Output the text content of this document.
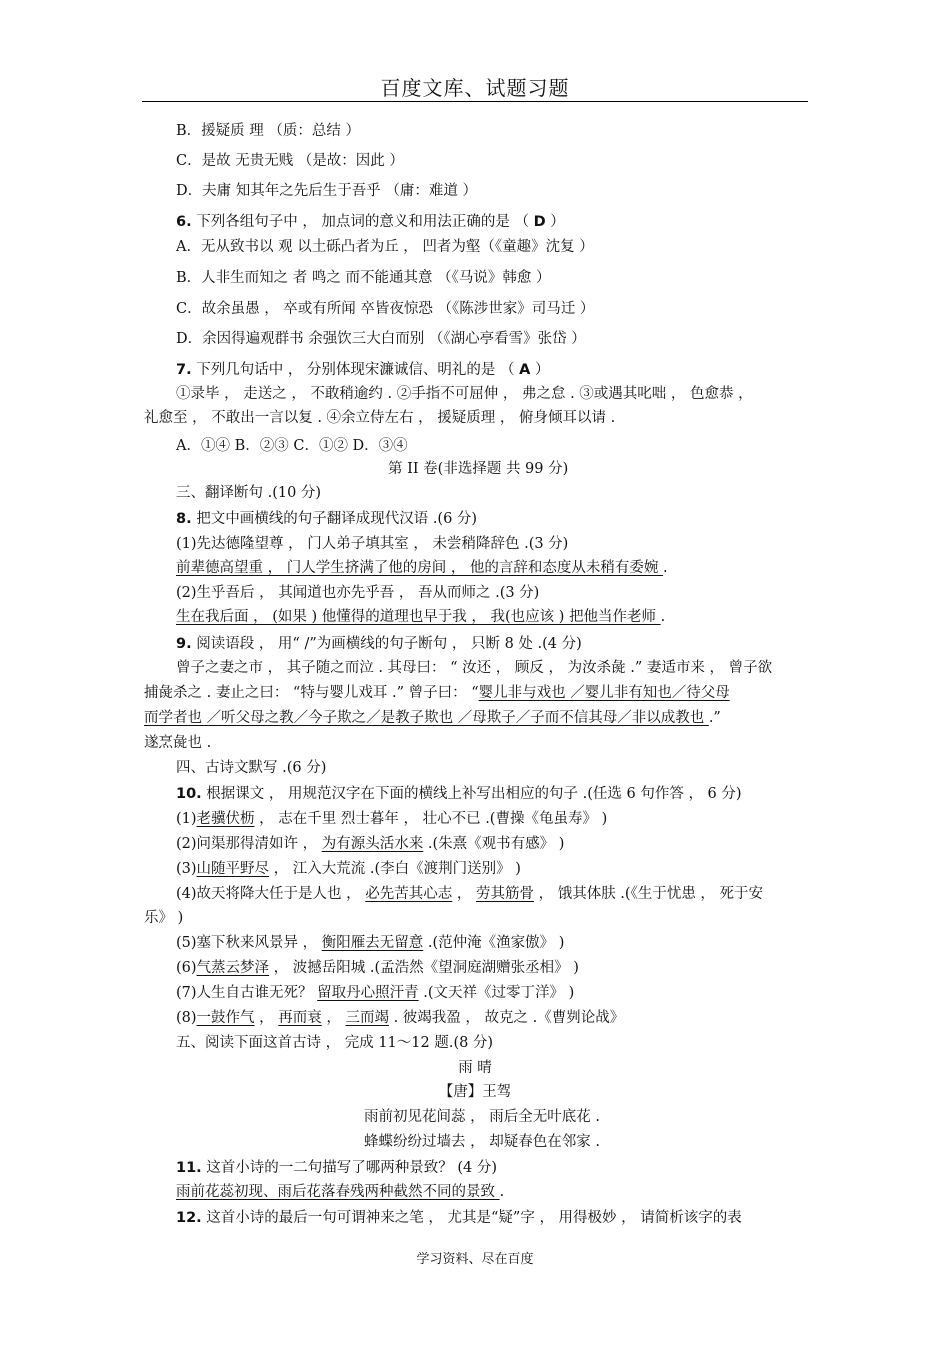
百度文库、试题习题
B．援疑质 理 （质：总结 ）
C．是故 无贵无贱 （是故：因此 ）
D．夫庸 知其年之先后生于吾乎 （庸：难道 ）
6. 下列各组句子中 ， 加点词的意义和用法正确的是 （ D ）
A．无从致书以 观 以土砾凸者为丘 ， 凹者为壑（《童趣》沈复 ）
B．人非生而知之 者 鸣之 而不能通其意 （《马说》韩愈 ）
C．故余虽愚 ， 卒或有所闻 卒皆夜惊恐 （《陈涉世家》司马迁 ）
D．余因得遍观群书 余强饮三大白而别 （《湖心亭看雪》张岱 ）
7. 下列几句话中 ， 分别体现宋濂诚信、明礼的是 （ A ）
①录毕 ， 走送之 ， 不敢稍逾约 . ②手指不可屈伸 ， 弗之怠 . ③或遇其叱咄 ， 色愈恭 ，
礼愈至 ， 不敢出一言以复 . ④余立侍左右 ， 援疑质理 ， 俯身倾耳以请 .
A．①④ B．②③ C．①② D．③④
第 II 卷(非选择题 共 99 分)
三、翻译断句 .(10 分)
8. 把文中画横线的句子翻译成现代汉语 .(6 分)
(1)先达德隆望尊 ， 门人弟子填其室 ， 未尝稍降辞色 .(3 分)
前辈德高望重 ， 门人学生挤满了他的房间 ， 他的言辞和态度从未稍有委婉 .
(2)生乎吾后 ， 其闻道也亦先乎吾 ， 吾从而师之 .(3 分)
生在我后面 ， (如果 ) 他懂得的道理也早于我 ， 我(也应该 ) 把他当作老师 .
9. 阅读语段 ， 用“ /”为画横线的句子断句 ， 只断 8 处 .(4 分)
曾子之妻之市 ， 其子随之而泣 . 其母曰： “ 汝还 ， 顾反 ， 为汝杀彘 .” 妻适市来 ， 曾子欲
捕彘杀之 . 妻止之曰： “特与婴儿戏耳 .” 曾子曰： “婴儿非与戏也 ／婴儿非有知也／待父母
而学者也 ／听父母之教／今子欺之／是教子欺也 ／母欺子／子而不信其母／非以成教也 .”
遂烹彘也 .
四、古诗文默写 .(6 分)
10. 根据课文 ， 用规范汉字在下面的横线上补写出相应的句子 .(任选 6 句作答 ， 6 分)
(1)老骥伏枥 ， 志在千里 烈士暮年 ， 壮心不已 .(曹操《龟虽寿》 )
(2)问渠那得清如许 ， 为有源头活水来 .(朱熹《观书有感》 )
(3)山随平野尽 ， 江入大荒流 .(李白《渡荆门送别》 )
(4)故天将降大任于是人也 ， 必先苦其心志 ， 劳其筋骨 ， 饿其体肤 .(《生于忧患 ， 死于安
乐》 )
(5)塞下秋来风景异 ， 衡阳雁去无留意 .(范仲淹《渔家傲》 )
(6)气蒸云梦泽 ， 波撼岳阳城 .(孟浩然《望洞庭湖赠张丞相》 )
(7)人生自古谁无死？ 留取丹心照汗青 .(文天祥《过零丁洋》 )
(8)一鼓作气 ， 再而衰 ， 三而竭 . 彼竭我盈 ， 故克之 .《曹刿论战》
五、阅读下面这首古诗 ， 完成 11～12 题.(8 分)
雨 晴
【唐】王驾
雨前初见花间蕊 ， 雨后全无叶底花 .
蜂蝶纷纷过墙去 ， 却疑春色在邻家 .
11. 这首小诗的一二句描写了哪两种景致？ (4 分)
雨前花蕊初现、雨后花落春残两种截然不同的景致 .
12. 这首小诗的最后一句可谓神来之笔 ， 尤其是“疑”字 ， 用得极妙 ， 请简析该字的表
学习资料、尽在百度
